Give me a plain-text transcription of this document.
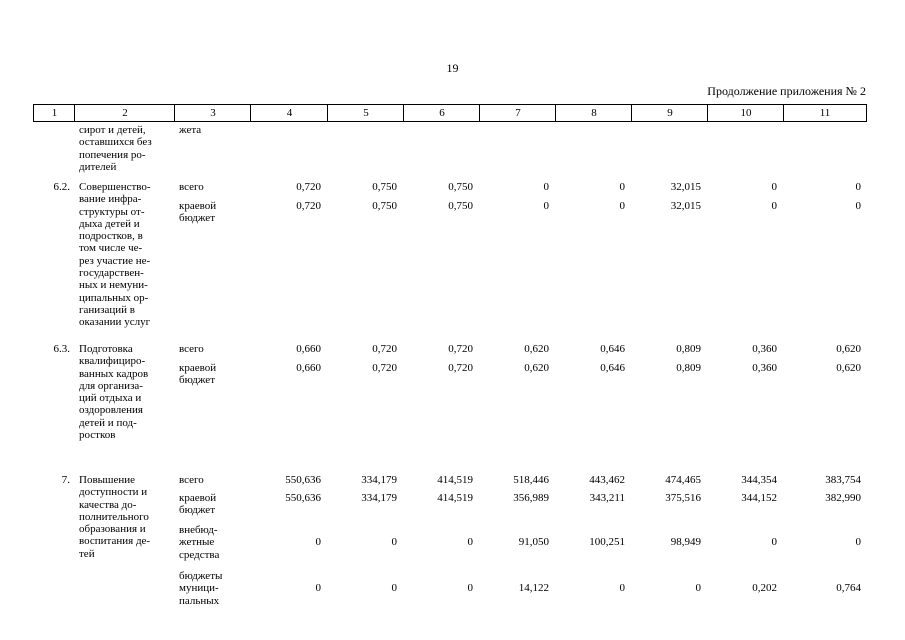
19
Продолжение приложения № 2
1	2	3	4	5	6	7	8	9	10	11
сирот и детей,
оставшихся без
попечения ро-
дителей
жета
6.2. Совершенство-
вание инфра-
структуры от-
дыха детей и
подростков, в
том числе че-
рез участие не-
государствен-
ных и немуни-
ципальных ор-
ганизаций в
оказании услуг
всего	0,720	0,750	0,750	0	0	32,015	0	0
краевой
бюджет
0,720	0,750	0,750	0	0	32,015	0	0
6.3. Подготовка
квалифициро-
ванных кадров
для организа-
ций отдыха и
оздоровления
детей и под-
ростков
всего	0,660	0,720	0,720	0,620	0,646	0,809	0,360	0,620
краевой
бюджет
0,660	0,720	0,720	0,620	0,646	0,809	0,360	0,620
7. Повышение
доступности и
качества до-
полнительного
образования и
воспитания де-
тей
всего	550,636	334,179	414,519	518,446	443,462	474,465	344,354	383,754
краевой
бюджет
550,636	334,179	414,519	356,989	343,211	375,516	344,152	382,990
внебюд-
жетные
средства
0	0	0	91,050	100,251	98,949	0	0
бюджеты
муници-
пальных
0	0	0	14,122	0	0	0,202	0,764
